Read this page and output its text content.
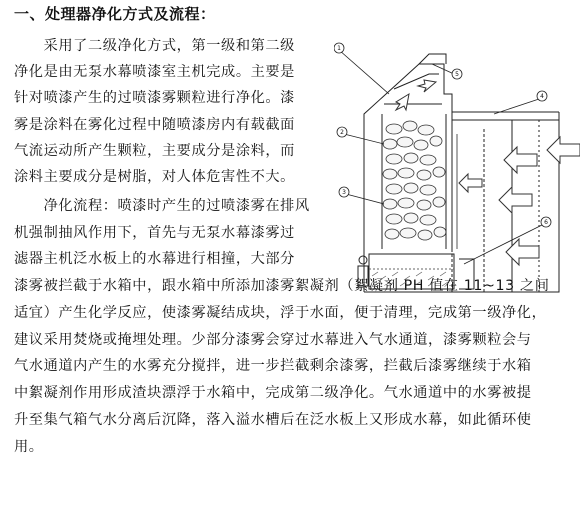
一、处理器净化方式及流程：
　　采用了二级净化方式，第一级和第二级
净化是由无泵水幕喷漆室主机完成。主要是
针对喷漆产生的过喷漆雾颗粒进行净化。漆
雾是涂料在雾化过程中随喷漆房内有载截面
气流运动所产生颗粒，主要成分是涂料，而
涂料主要成分是树脂，对人体危害性不大。
　　净化流程：喷漆时产生的过喷漆雾在排风
机强制抽风作用下，首先与无泵水幕漆雾过
滤器主机泛水板上的水幕进行相撞，大部分
漆雾被拦截于水箱中，跟水箱中所添加漆雾絮凝剂（絮凝剂 PH 值在 11~13 之间
适宜）产生化学反应，使漆雾凝结成块，浮于水面，便于清理，完成第一级净化，
建议采用焚烧或掩埋处理。少部分漆雾会穿过水幕进入气水通道，漆雾颗粒会与
气水通道内产生的水雾充分搅拌，进一步拦截剩余漆雾，拦截后漆雾继续于水箱
中絮凝剂作用形成渣块漂浮于水箱中，完成第二级净化。气水通道中的水雾被提
升至集气箱气水分离后沉降，落入溢水槽后在泛水板上又形成水幕，如此循环使
用。
1
2
3
4
5
6
